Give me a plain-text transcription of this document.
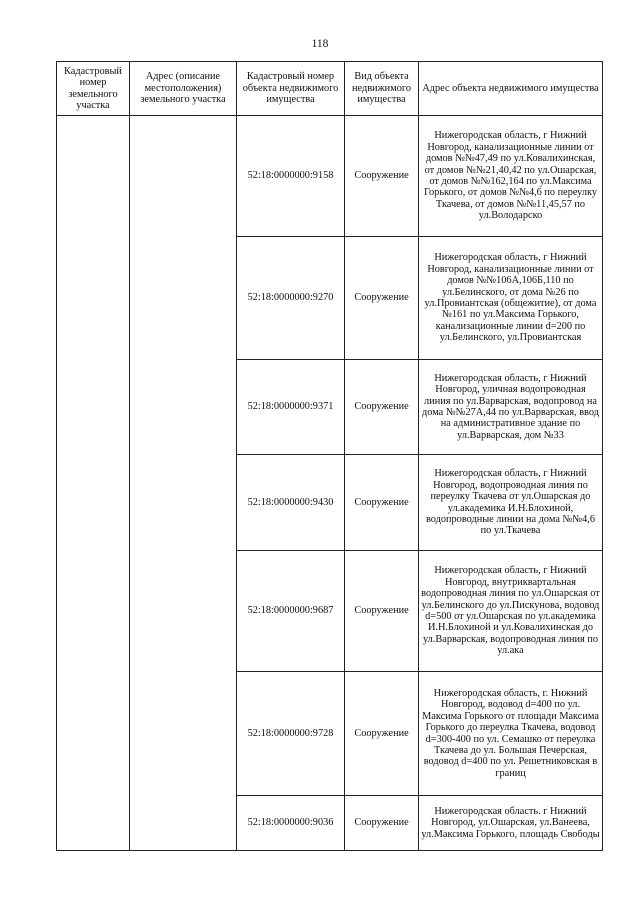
118
Кадастровый номер земельного участка	Адрес (описание местоположения) земельного участка	Кадастровый номер объекта недвижимого имущества	Вид объекта недвижимого имущества	Адрес объекта недвижимого имущества
		52:18:0000000:9158	Сооружение	Нижегородская область, г Нижний Новгород, канализационные линии от домов №№47,49 по ул.Ковалихинская, от домов №№21,40,42 по ул.Ошарская, от домов №№162,164 по ул.Максима Горького, от домов №№4,6 по переулку Ткачева, от домов №№11,45,57 по ул.Володарско
		52:18:0000000:9270	Сооружение	Нижегородская область, г Нижний Новгород, канализационные линии от домов №№106А,106Б,110 по ул.Белинского, от дома №26 по ул.Провиантская (общежитие), от дома №161 по ул.Максима Горького, канализационные линии d=200 по ул.Белинского, ул.Провиантская
		52:18:0000000:9371	Сооружение	Нижегородская область, г Нижний Новгород, уличная водопроводная линия по ул.Варварская, водопровод на дома №№27А,44 по ул.Варварская, ввод на административное здание по ул.Варварская, дом №33
		52:18:0000000:9430	Сооружение	Нижегородская область, г Нижний Новгород, водопроводная линия по переулку Ткачева от ул.Ошарская до ул.академика И.Н.Блохиной, водопроводные линии на дома №№4,6 по ул.Ткачева
		52:18:0000000:9687	Сооружение	Нижегородская область, г Нижний Новгород, внутриквартальная водопроводная линия по ул.Ошарская от ул.Белинского до ул.Пискунова, водовод d=500 от ул.Ошарская по ул.академика И.Н.Блохиной и ул.Ковалихинская до ул.Варварская, водопроводная линия по ул.ака
		52:18:0000000:9728	Сооружение	Нижегородская область, г. Нижний Новгород, водовод d=400 по ул. Максима Горького от площади Максима Горького до переулка Ткачева, водовод d=300-400 по ул. Семашко от переулка Ткачева до ул. Большая Печерская, водовод d=400 по ул. Решетниковская в границ
		52:18:0000000:9036	Сооружение	Нижегородская область. г Нижний Новгород, ул.Ошарская, ул.Ванеева, ул.Максима Горького, площадь Свободы
